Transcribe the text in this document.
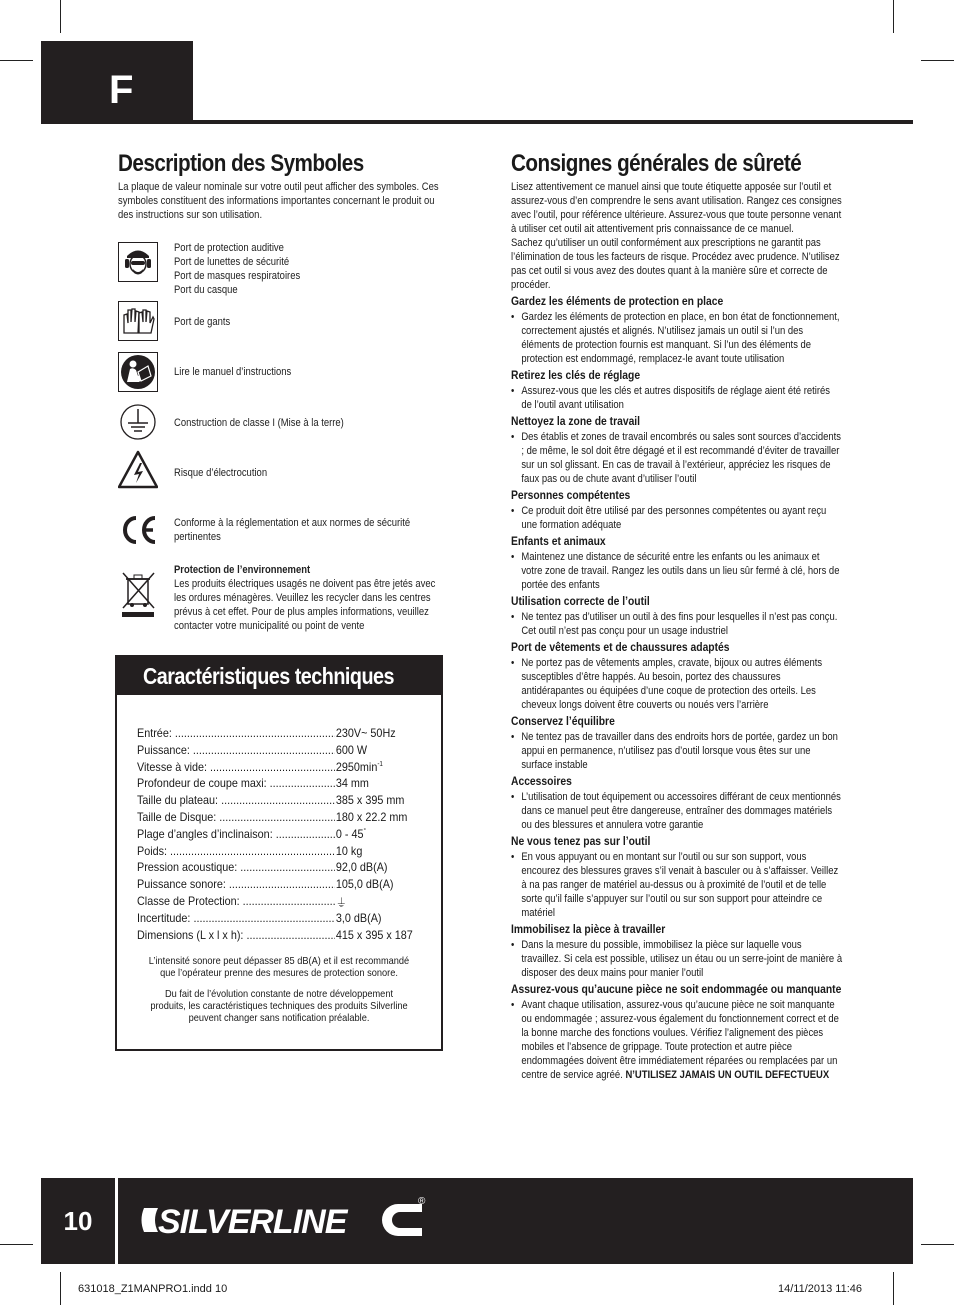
F
Description des Symboles
La plaque de valeur nominale sur votre outil peut afficher des symboles. Ces symboles constituent des informations importantes concernant le produit ou des instructions sur son utilisation.
Port de protection auditive
Port de lunettes de sécurité
Port de masques respiratoires
Port du casque
Port de gants
Lire le manuel d’instructions
Construction de classe I (Mise à la terre)
Risque d’électrocution
Conforme à la réglementation et aux normes de sécurité
pertinentes
Protection de l’environnement
Les produits électriques usagés ne doivent pas être jetés avec
les ordures ménagères. Veuillez les recycler dans les centres
prévus à cet effet. Pour de plus amples informations, veuillez
contacter votre municipalité ou point de vente
Caractéristiques techniques
Entrée: .....	230V~ 50Hz
Puissance: .....	600 W
Vitesse à vide: .....	$2950\min^{-1}$
Profondeur de coupe maxi: .....	34 mm
Taille du plateau: .....	385 x 395 mm
Taille de Disque: .....	180 x 22.2 mm
Plage d’angles d’inclinaison: .....	0 - 45°
Poids: .....	10 kg
Pression acoustique: .....	92,0 dB(A)
Puissance sonore: .....	105,0 dB(A)
Classe de Protection: .....	⏚
Incertitude: .....	3,0 dB(A)
Dimensions (L x l x h): .....	415 x 395 x 187
L’intensité sonore peut dépasser 85 dB(A) et il est recommandé que l’opérateur prenne des mesures de protection sonore.
Du fait de l’évolution constante de notre développement produits, les caractéristiques techniques des produits Silverline peuvent changer sans notification préalable.
Consignes générales de sûreté
Lisez attentivement ce manuel ainsi que toute étiquette apposée sur l’outil et assurez-vous d’en comprendre le sens avant utilisation. Rangez ces consignes avec l’outil, pour référence ultérieure. Assurez-vous que toute personne venant à utiliser cet outil ait attentivement pris connaissance de ce manuel.
Sachez qu’utiliser un outil conformément aux prescriptions ne garantit pas l’élimination de tous les facteurs de risque. Procédez avec prudence. N’utilisez pas cet outil si vous avez des doutes quant à la manière sûre et correcte de procéder.
Gardez les éléments de protection en place
• Gardez les éléments de protection en place, en bon état de fonctionnement, correctement ajustés et alignés. N’utilisez jamais un outil si l’un des éléments de protection fournis est manquant. Si l’un des éléments de protection est endommagé, remplacez-le avant toute utilisation
Retirez les clés de réglage
• Assurez-vous que les clés et autres dispositifs de réglage aient été retirés de l’outil avant utilisation
Nettoyez la zone de travail
• Des établis et zones de travail encombrés ou sales sont sources d’accidents ; de même, le sol doit être dégagé et il est recommandé d’éviter de travailler sur un sol glissant. En cas de travail à l’extérieur, appréciez les risques de faux pas ou de chute avant d’utiliser l’outil
Personnes compétentes
• Ce produit doit être utilisé par des personnes compétentes ou ayant reçu une formation adéquate
Enfants et animaux
• Maintenez une distance de sécurité entre les enfants ou les animaux et votre zone de travail. Rangez les outils dans un lieu sûr fermé à clé, hors de portée des enfants
Utilisation correcte de l’outil
• Ne tentez pas d’utiliser un outil à des fins pour lesquelles il n’est pas conçu. Cet outil n’est pas conçu pour un usage industriel
Port de vêtements et de chaussures adaptés
• Ne portez pas de vêtements amples, cravate, bijoux ou autres éléments susceptibles d’être happés. Au besoin, portez des chaussures antidérapantes ou équipées d’une coque de protection des orteils. Les cheveux longs doivent être couverts ou noués vers l’arrière
Conservez l’équilibre
• Ne tentez pas de travailler dans des endroits hors de portée, gardez un bon appui en permanence, n’utilisez pas d’outil lorsque vous êtes sur une surface instable
Accessoires
• L’utilisation de tout équipement ou accessoires différant de ceux mentionnés dans ce manuel peut être dangereuse, entraîner des dommages matériels ou des blessures et annulera votre garantie
Ne vous tenez pas sur l’outil
• En vous appuyant ou en montant sur l’outil ou sur son support, vous encourez des blessures graves s’il venait à basculer ou à s’affaisser. Veillez à na pas ranger de matériel au-dessus ou à proximité de l’outil et de telle sorte qu’il faille s’appuyer sur l’outil ou sur son support pour atteindre ce matériel
Immobilisez la pièce à travailler
• Dans la mesure du possible, immobilisez la pièce sur laquelle vous travaillez. Si cela est possible, utilisez un étau ou un serre-joint de manière à disposer des deux mains pour manier l’outil
Assurez-vous qu’aucune pièce ne soit endommagée ou manquante
• Avant chaque utilisation, assurez-vous qu’aucune pièce ne soit manquante ou endommagée ; assurez-vous également du fonctionnement correct et de la bonne marche des fonctions voulues. Vérifiez l’alignement des pièces mobiles et l’absence de grippage. Toute protection et autre pièce endommagées doivent être immédiatement réparées ou remplacées par un centre de service agréé. N’UTILISEZ JAMAIS UN OUTIL DEFECTUEUX
10	SILVERLINE
®
631018_Z1MANPRO1.indd 10	14/11/2013 11:46
